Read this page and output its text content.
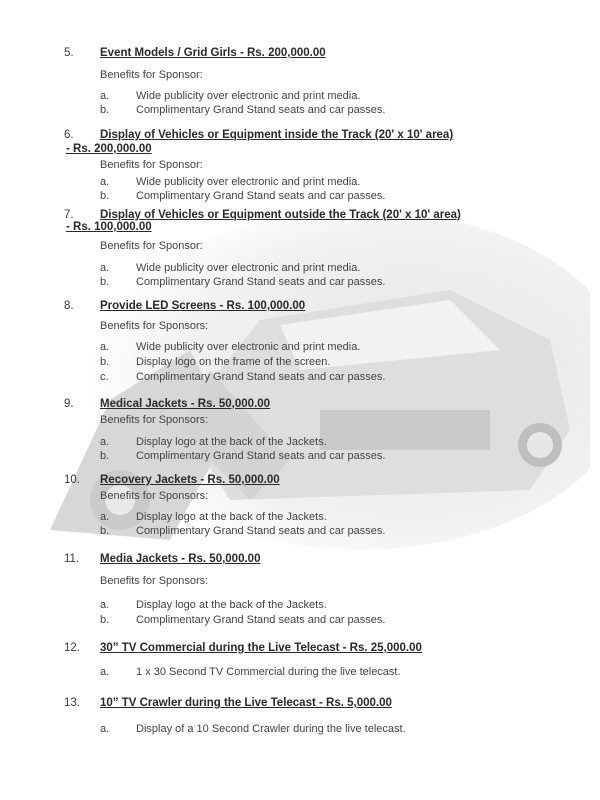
5. Event Models / Grid Girls - Rs. 200,000.00
Benefits for Sponsor:
a. Wide publicity over electronic and print media.
b. Complimentary Grand Stand seats and car passes.
6. Display of Vehicles or Equipment inside the Track (20' x 10' area)
- Rs. 200,000.00
Benefits for Sponsor:
a. Wide publicity over electronic and print media.
b. Complimentary Grand Stand seats and car passes.
7. Display of Vehicles or Equipment outside the Track (20' x 10' area)
- Rs. 100,000.00
Benefits for Sponsor:
a. Wide publicity over electronic and print media.
b. Complimentary Grand Stand seats and car passes.
8. Provide LED Screens - Rs. 100,000.00
Benefits for Sponsors:
a. Wide publicity over electronic and print media.
b. Display logo on the frame of the screen.
c. Complimentary Grand Stand seats and car passes.
9. Medical Jackets - Rs. 50,000.00
Benefits for Sponsors:
a. Display logo at the back of the Jackets.
b. Complimentary Grand Stand seats and car passes.
10. Recovery Jackets - Rs. 50,000.00
Benefits for Sponsors:
a. Display logo at the back of the Jackets.
b. Complimentary Grand Stand seats and car passes.
11. Media Jackets - Rs. 50,000.00
Benefits for Sponsors:
a. Display logo at the back of the Jackets.
b. Complimentary Grand Stand seats and car passes.
12. 30” TV Commercial during the Live Telecast - Rs. 25,000.00
a. 1 x 30 Second TV Commercial during the live telecast.
13. 10” TV Crawler during the Live Telecast - Rs. 5,000.00
a. Display of a 10 Second Crawler during the live telecast.
